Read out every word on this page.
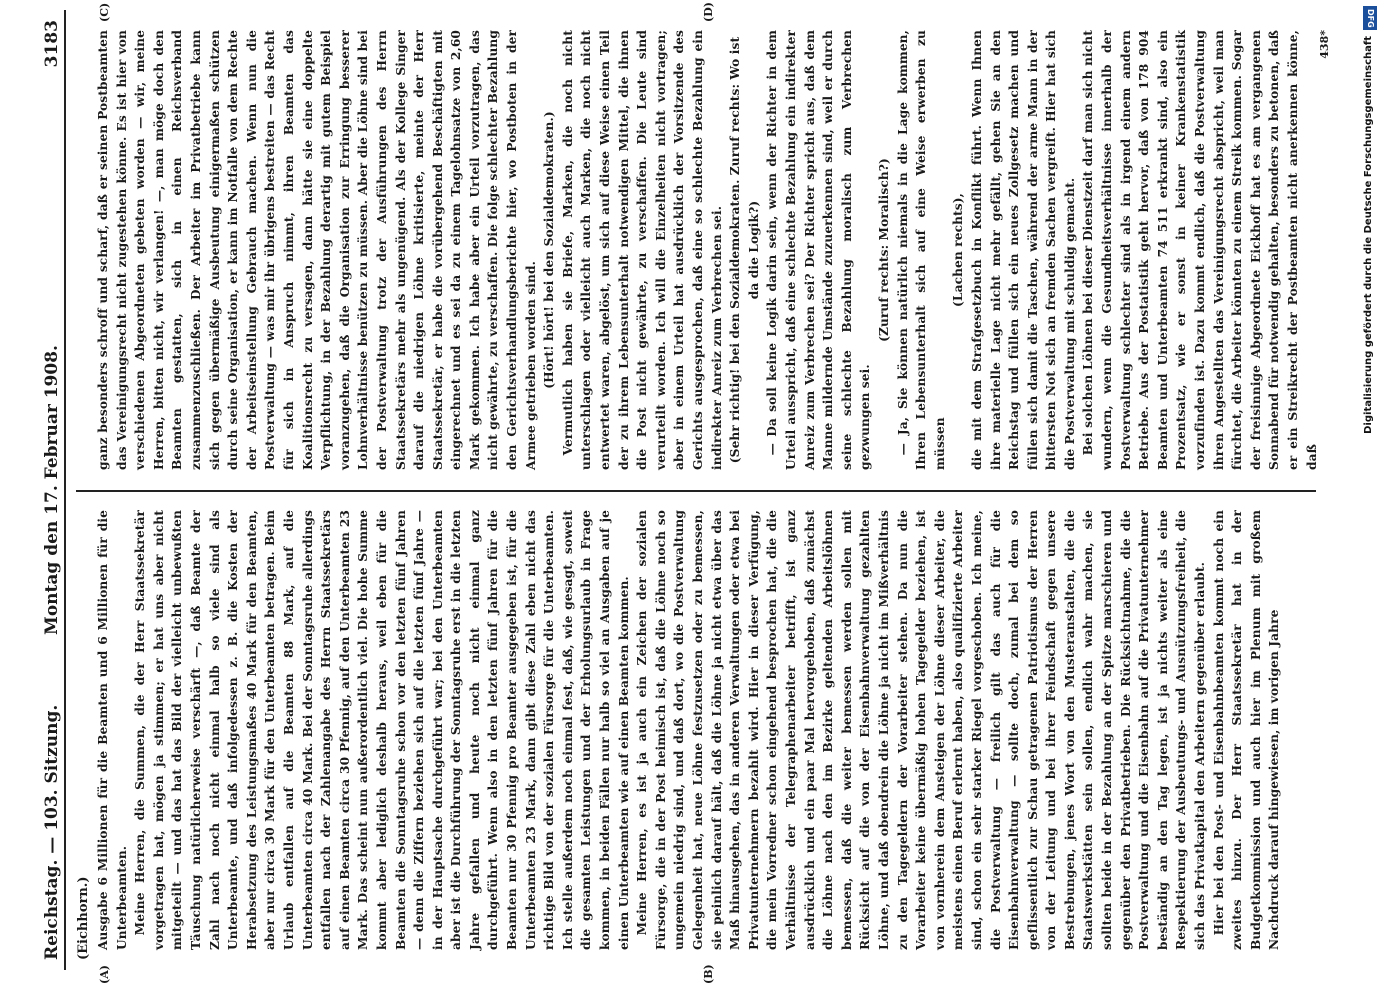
Reichstag. — 103. Sitzung.
Montag den 17. Februar 1908.
3183
(Eichhorn.)
(A)	(B)
(C)	(D)

Ausgabe 6 Millionen für die Beamten und 6 Millionen für die Unterbeamten. Meine Herren, die Summen, die der Herr Staatssekretär vorgetragen hat, mögen ja stimmen; er hat uns aber nicht mitgeteilt — und das hat das Bild der vielleicht unbewußten Täuschung natürlicherweise verschärft —, daß Beamte der Zahl nach noch nicht einmal halb so viele sind als Unterbeamte, und daß infolgedessen z. B. die Kosten der Herabsetzung des Leistungsmaßes 40 Mark für den Beamten, aber nur circa 30 Mark für den Unterbeamten betragen. Beim Urlaub entfallen auf die Beamten 88 Mark, auf die Unterbeamten circa 40 Mark. Bei der Sonntagsruhe allerdings entfallen nach der Zahlenangabe des Herrn Staatssekretärs auf einen Beamten circa 30 Pfennig, auf den Unterbeamten 23 Mark. Das scheint nun außerordentlich viel. Die hohe Summe kommt aber lediglich deshalb heraus, weil eben für die Beamten die Sonntagsruhe schon vor den letzten fünf Jahren — denn die Ziffern beziehen sich auf die letzten fünf Jahre — in der Hauptsache durchgeführt war; bei den Unterbeamten aber ist die Durchführung der Sonntagsruhe erst in die letzten Jahre gefallen und heute noch nicht einmal ganz durchgeführt. Wenn also in den letzten fünf Jahren für die Beamten nur 30 Pfennig pro Beamter ausgegeben ist, für die Unterbeamten 23 Mark, dann gibt diese Zahl eben nicht das richtige Bild von der sozialen Fürsorge für die Unterbeamten. Ich stelle außerdem noch einmal fest, daß, wie gesagt, soweit die gesamten Leistungen und der Erholungsurlaub in Frage kommen, in beiden Fällen nur halb so viel an Ausgaben auf je einen Unterbeamten wie auf einen Beamten kommen. Meine Herren, es ist ja auch ein Zeichen der sozialen Fürsorge, die in der Post heimisch ist, daß die Löhne noch so ungemein niedrig sind, und daß dort, wo die Postverwaltung Gelegenheit hat, neue Löhne festzusetzen oder zu bemessen, sie peinlich darauf hält, daß die Löhne ja nicht etwa über das Maß hinausgehen, das in anderen Verwaltungen oder etwa bei Privatunternehmern bezahlt wird. Hier in dieser Verfügung, die mein Vorredner schon eingehend besprochen hat, die die Verhältnisse der Telegraphenarbeiter betrifft, ist ganz ausdrücklich und ein paar Mal hervorgehoben, daß zunächst die Löhne nach den im Bezirke geltenden Arbeitslöhnen bemessen, daß die weiter bemessen werden sollen mit Rücksicht auf die von der Eisenbahnverwaltung gezahlten Löhne, und daß obendrein die Löhne ja nicht im Mißverhältnis zu den Tagegeldern der Vorarbeiter stehen. Da nun die Vorarbeiter keine übermäßig hohen Tagegelder beziehen, ist von vornherein dem Ansteigen der Löhne dieser Arbeiter, die meistens einen Beruf erlernt haben, also qualifizierte Arbeiter sind, schon ein sehr starker Riegel vorgeschoben. Ich meine, die Postverwaltung — freilich gilt das auch für die Eisenbahnverwaltung — sollte doch, zumal bei dem so geflissentlich zur Schau getragenen Patriotismus der Herren von der Leitung und bei ihrer Feindschaft gegen unsere Bestrebungen, jenes Wort von den Musteranstalten, die die Staatswerkstätten sein sollen, endlich wahr machen, sie sollten beide in der Bezahlung an der Spitze marschieren und gegenüber den Privatbetrieben. Die Rücksichtnahme, die die Postverwaltung und die Eisenbahn auf die Privatunternehmer beständig an den Tag legen, ist ja nichts weiter als eine Respektierung der Ausbeutungs- und Ausnützungsfreiheit, die sich das Privatkapital den Arbeitern gegenüber erlaubt. Hier bei den Post- und Eisenbahnbeamten kommt noch ein zweites hinzu. Der Herr Staatssekretär hat in der Budgetkommission und auch hier im Plenum mit großem Nachdruck darauf hingewiesen, im vorigen Jahre

ganz besonders schroff und scharf, daß er seinen Postbeamten das Vereinigungsrecht nicht zugestehen könne. Es ist hier von verschiedenen Abgeordneten gebeten worden — wir, meine Herren, bitten nicht, wir verlangen! —, man möge doch den Beamten gestatten, sich in einen Reichsverband zusammenzuschließen. Der Arbeiter im Privatbetriebe kann sich gegen übermäßige Ausbeutung einigermaßen schützen durch seine Organisation, er kann im Notfalle von dem Rechte der Arbeitseinstellung Gebrauch machen. Wenn nun die Postverwaltung — was mir ihr übrigens bestreiten — das Recht für sich in Anspruch nimmt, ihren Beamten das Koalitionsrecht zu versagen, dann hätte sie eine doppelte Verpflichtung, in der Bezahlung derartig mit gutem Beispiel voranzugehen, daß die Organisation zur Erringung besserer Lohnverhältnisse benützen zu müssen. Aber die Löhne sind bei der Postverwaltung trotz der Ausführungen des Herrn Staatssekretärs mehr als ungenügend. Als der Kollege Singer darauf die niedrigen Löhne kritisierte, meinte der Herr Staatssekretär, er habe die vorübergehend Beschäftigten mit eingerechnet und es sei da zu einem Tagelohnsatze von 2,60 Mark gekommen. Ich habe aber ein Urteil vorzutragen, das nicht gewährte, zu verschaffen. Die folge schlechter Bezahlung den Gerichtsverhandlungsberichte hier, wo Postboten in der Armee getrieben worden sind. (Hört! hört! bei den Sozialdemokraten.) Vermutlich haben sie Briefe, Marken, die noch nicht unterschlagen oder vielleicht auch Marken, die noch nicht entwertet waren, abgelöst, um sich auf diese Weise einen Teil der zu ihrem Lebensunterhalt notwendigen Mittel, die ihnen die Post nicht gewährte, zu verschaffen. Die Leute sind verurteilt worden. Ich will die Einzelheiten nicht vortragen; aber in einem Urteil hat ausdrücklich der Vorsitzende des Gerichts ausgesprochen, daß eine so schlechte Bezahlung ein indirekter Anreiz zum Verbrechen sei. (Sehr richtig! bei den Sozialdemokraten. Zuruf rechts: Wo ist da die Logik?) — Da soll keine Logik darin sein, wenn der Richter in dem Urteil ausspricht, daß eine schlechte Bezahlung ein indirekter Anreiz zum Verbrechen sei? Der Richter spricht aus, daß dem Manne mildernde Umstände zuzuerkennen sind, weil er durch seine schlechte Bezahlung moralisch zum Verbrechen gezwungen sei.

(Zuruf rechts: Moralisch?) — Ja, Sie können natürlich niemals in die Lage kommen, Ihren Lebensunterhalt sich auf eine Weise erwerben zu müssen

(Lachen rechts), die mit dem Strafgesetzbuch in Konflikt führt. Wenn Ihnen ihre materielle Lage nicht mehr gefällt, gehen Sie an den Reichstag und füllen sich ein neues Zollgesetz machen und füllen sich damit die Taschen, während der arme Mann in der bittersten Not sich an fremden Sachen vergreift. Hier hat sich die Postverwaltung mit schuldig gemacht. Bei solchen Löhnen bei dieser Dienstzeit darf man sich nicht wundern, wenn die Gesundheitsverhältnisse innerhalb der Postverwaltung schlechter sind als in irgend einem andern Betriebe. Aus der Postatistik geht hervor, daß von 178 904 Beamten und Unterbeamten 74 511 erkrankt sind, also ein Prozentsatz, wie er sonst in keiner Krankenstatistik vorzufinden ist. Dazu kommt endlich, daß die Postverwaltung ihren Angestellten das Vereinigungsrecht abspricht, weil man fürchtet, die Arbeiter könnten zu einem Streik kommen. Sogar der freisinnige Abgeordnete Eickhoff hat es am vergangenen Sonnabend für notwendig gehalten, besonders zu betonen, daß er ein Streikrecht der Postbeamten nicht anerkennen könne, daß

438*
DFG
Digitalisierung gefördert durch die Deutsche Forschungsgemeinschaft
